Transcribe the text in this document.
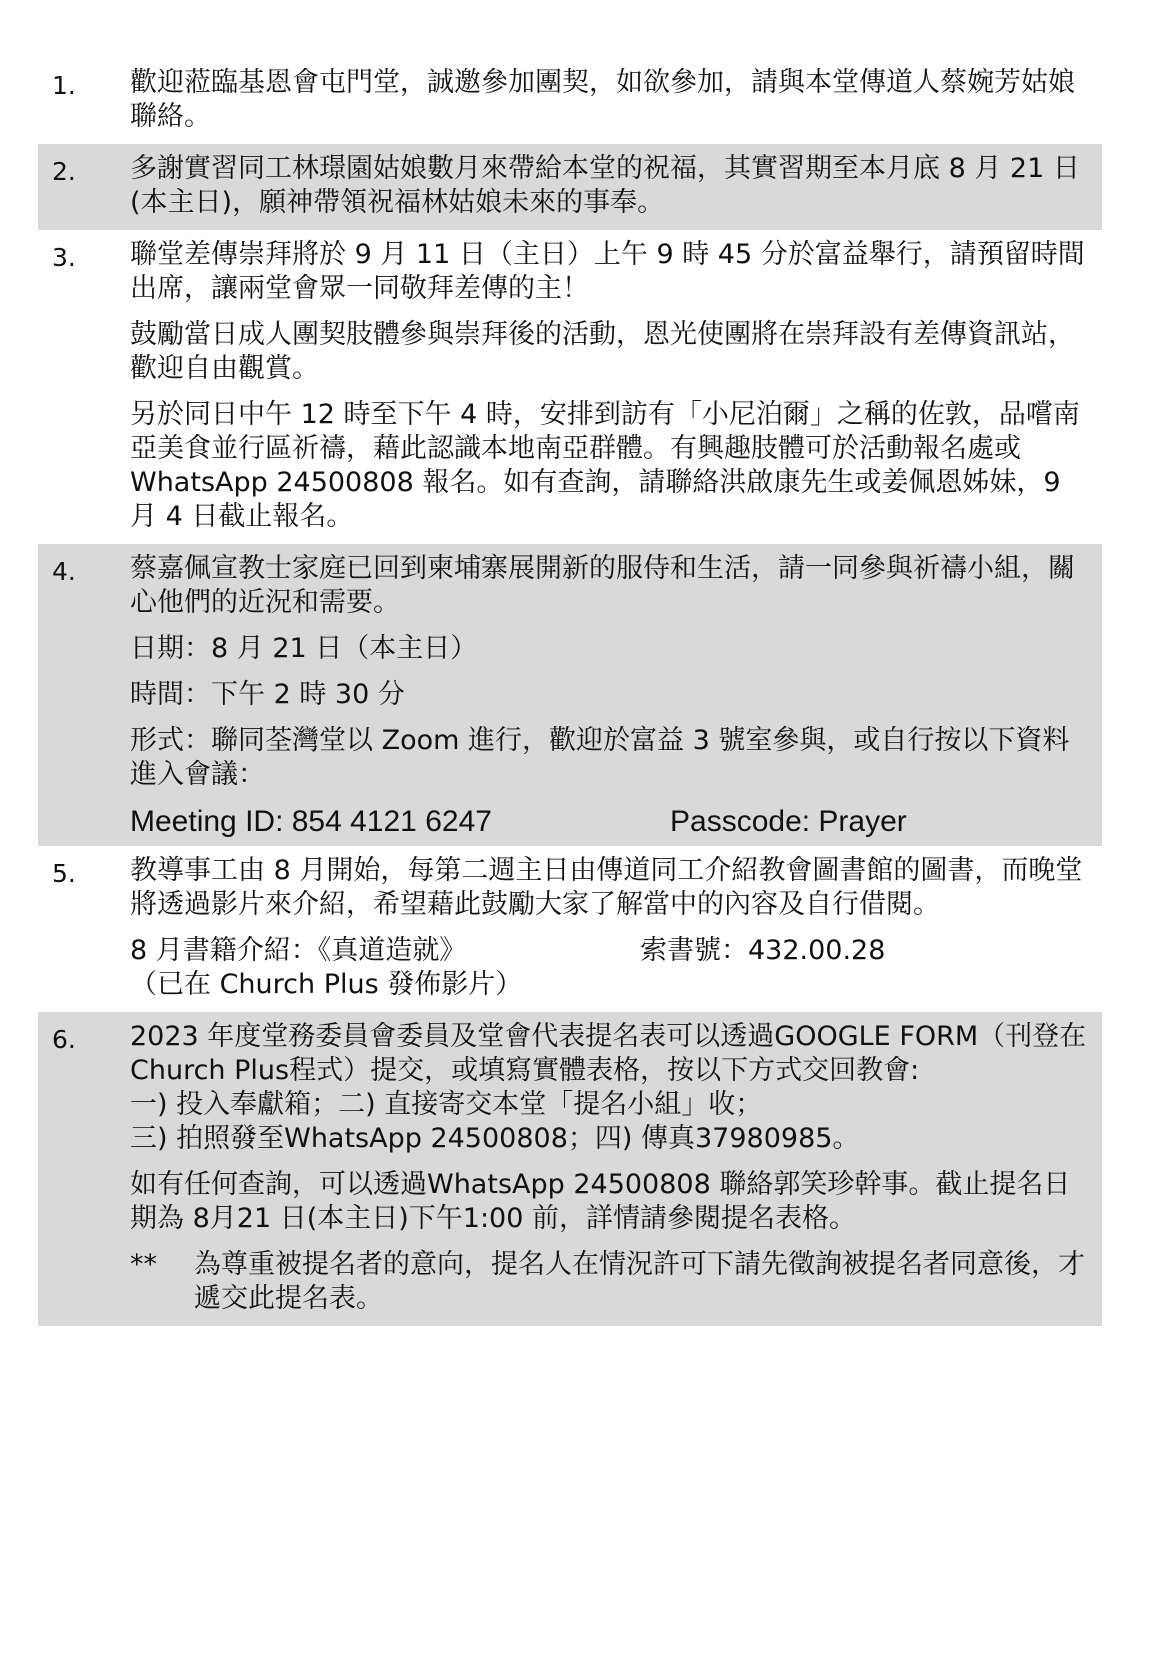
1.	歡迎蒞臨基恩會屯門堂，誠邀參加團契，如欲參加，請與本堂傳道人蔡婉芳姑娘聯絡。

2.	多謝實習同工林璟園姑娘數月來帶給本堂的祝福，其實習期至本月底 8 月 21 日(本主日)，願神帶領祝福林姑娘未來的事奉。

3.	聯堂差傳崇拜將於 9 月 11 日（主日）上午 9 時 45 分於富益舉行，請預留時間出席，讓兩堂會眾一同敬拜差傳的主！

鼓勵當日成人團契肢體參與崇拜後的活動，恩光使團將在崇拜設有差傳資訊站，歡迎自由觀賞。

另於同日中午 12 時至下午 4 時，安排到訪有「小尼泊爾」之稱的佐敦，品嚐南亞美食並行區祈禱，藉此認識本地南亞群體。有興趣肢體可於活動報名處或 WhatsApp 24500808 報名。如有查詢，請聯絡洪啟康先生或姜佩恩姊妹，9 月 4 日截止報名。

4.	蔡嘉佩宣教士家庭已回到柬埔寨展開新的服侍和生活，請一同參與祈禱小組，關心他們的近況和需要。

日期：8 月 21 日（本主日）

時間：下午 2 時 30 分

形式：聯同荃灣堂以 Zoom 進行，歡迎於富益 3 號室參與，或自行按以下資料進入會議：

Meeting ID: 854 4121 6247	Passcode: Prayer
5.	教導事工由 8 月開始，每第二週主日由傳道同工介紹教會圖書館的圖書，而晚堂將透過影片來介紹，希望藉此鼓勵大家了解當中的內容及自行借閱。

8 月書籍介紹：《真道造就》	索書號：432.00.28

（已在 Church Plus 發佈影片）

6.	2023 年度堂務委員會委員及堂會代表提名表可以透過GOOGLE FORM（刊登在Church Plus程式）提交，或填寫實體表格，按以下方式交回教會:
一) 投入奉獻箱；二) 直接寄交本堂「提名小組」收；

三) 拍照發至WhatsApp 24500808；四) 傳真37980985。

如有任何查詢，可以透過WhatsApp 24500808 聯絡郭笑珍幹事。截止提名日期為 8月21 日(本主日)下午1:00 前，詳情請參閱提名表格。

**	為尊重被提名者的意向，提名人在情況許可下請先徵詢被提名者同意後，才遞交此提名表。
